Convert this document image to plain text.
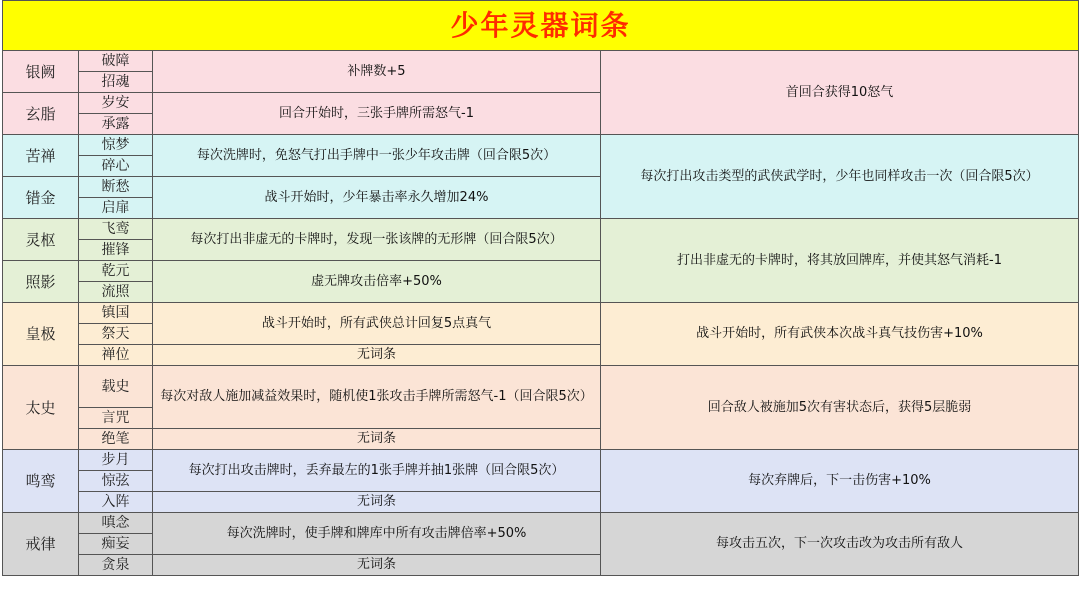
少年灵器词条			
银阙	破障	补牌数+5	首回合获得10怒气
	招魂		
玄脂	岁安	回合开始时，三张手牌所需怒气-1	
	承露		
苦禅	惊梦	每次洗牌时，免怒气打出手牌中一张少年攻击牌（回合限5次）	每次打出攻击类型的武侠武学时，少年也同样攻击一次（回合限5次）
	碎心		
错金	断愁	战斗开始时，少年暴击率永久增加24%	
	启扉		
灵枢	飞鸾	每次打出非虚无的卡牌时，发现一张该牌的无形牌（回合限5次）	打出非虚无的卡牌时，将其放回牌库，并使其怒气消耗-1
	摧锋		
照影	乾元	虚无牌攻击倍率+50%	
	流照		
皇极	镇国	战斗开始时，所有武侠总计回复5点真气	战斗开始时，所有武侠本次战斗真气技伤害+10%
	祭天		
	禅位	无词条	
太史	载史	每次对敌人施加减益效果时，随机使1张攻击手牌所需怒气-1（回合限5次）	回合敌人被施加5次有害状态后，获得5层脆弱
	言咒		
	绝笔	无词条	
鸣鸾	步月	每次打出攻击牌时，丢弃最左的1张手牌并抽1张牌（回合限5次）	每次弃牌后，下一击伤害+10%
	惊弦		
	入阵	无词条	
戒律	嗔念	每次洗牌时，使手牌和牌库中所有攻击牌倍率+50%	每攻击五次，下一次攻击改为攻击所有敌人
	痴妄		
	贪泉	无词条	
